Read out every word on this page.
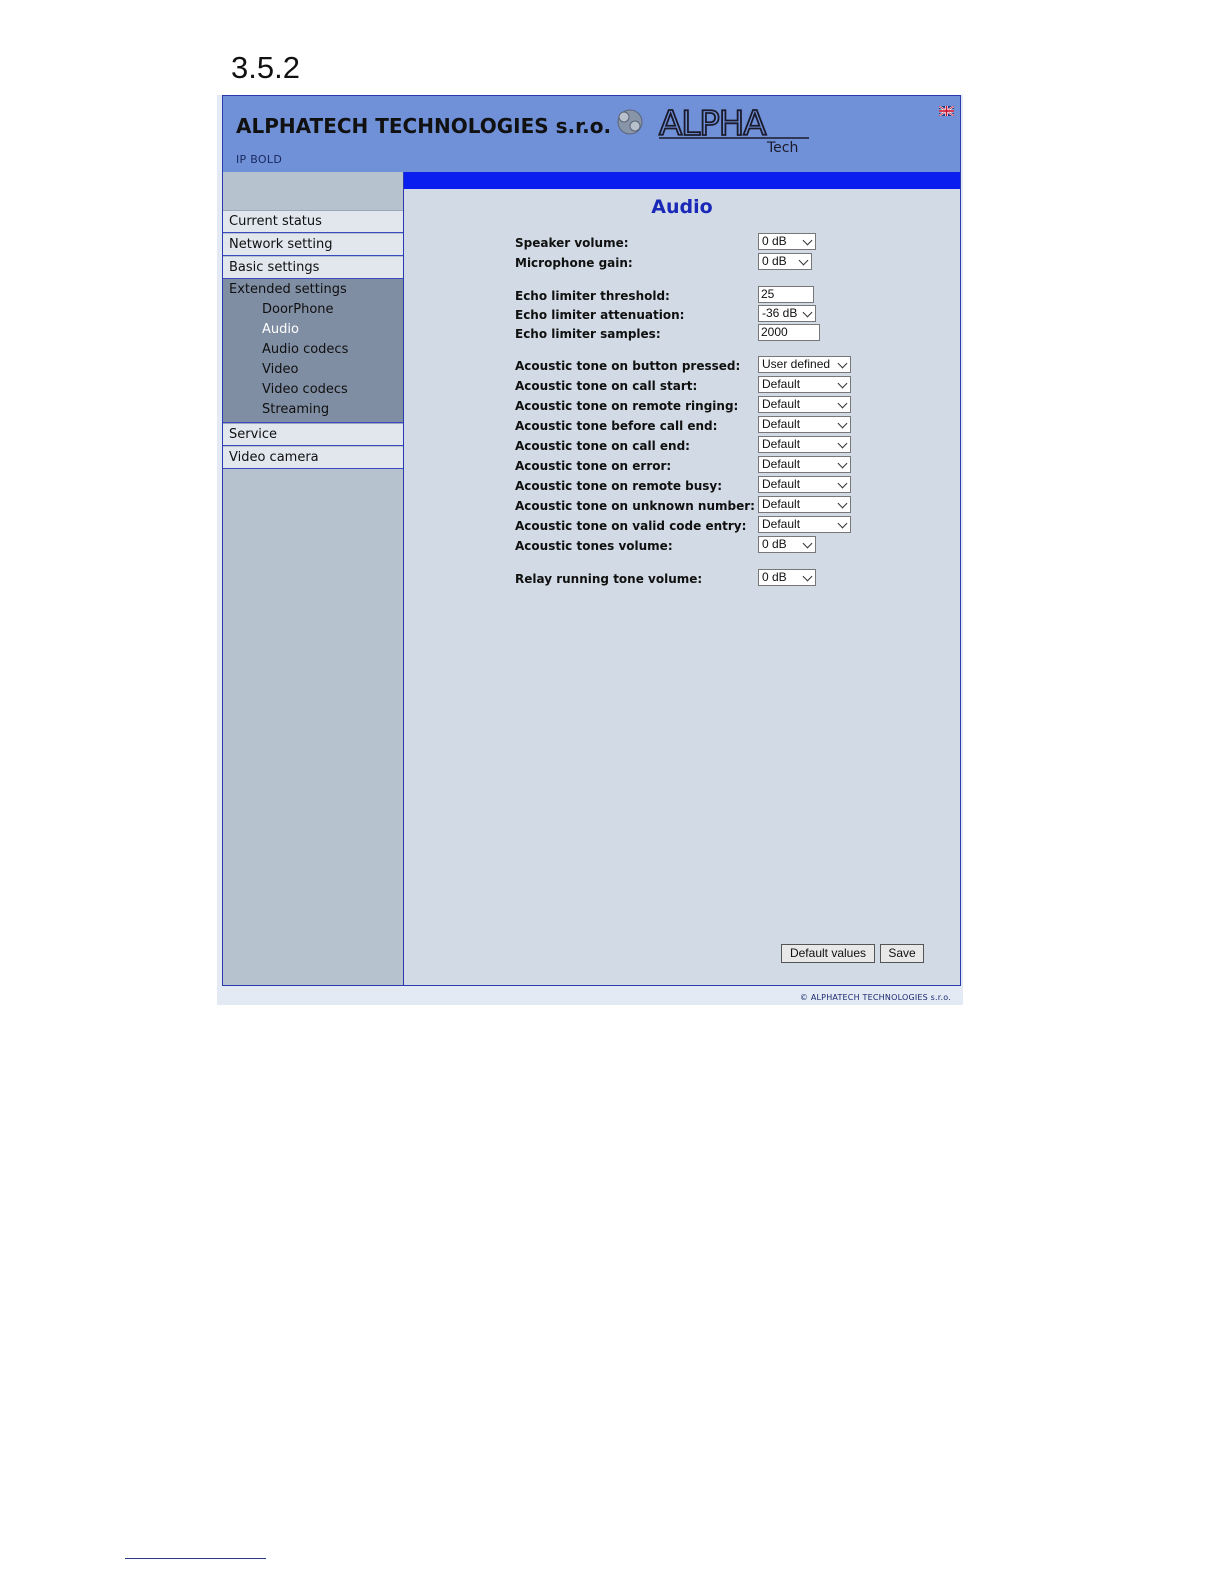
3.5.2
ALPHATECH TECHNOLOGIES s.r.o.
IP BOLD
ALPHA
Tech
Current status
Network setting
Basic settings
Extended settings
DoorPhone
Audio
Audio codecs
Video
Video codecs
Streaming
Service
Video camera
Audio
Speaker volume:	0 dB
Microphone gain:	0 dB
Echo limiter threshold:	25
Echo limiter attenuation:	-36 dB
Echo limiter samples:	2000
Acoustic tone on button pressed:	User defined
Acoustic tone on call start:	Default
Acoustic tone on remote ringing:	Default
Acoustic tone before call end:	Default
Acoustic tone on call end:	Default
Acoustic tone on error:	Default
Acoustic tone on remote busy:	Default
Acoustic tone on unknown number: Default
Acoustic tone on valid code entry:	Default
Acoustic tones volume:	0 dB
Relay running tone volume:	0 dB
Default values	Save
© ALPHATECH TECHNOLOGIES s.r.o.
